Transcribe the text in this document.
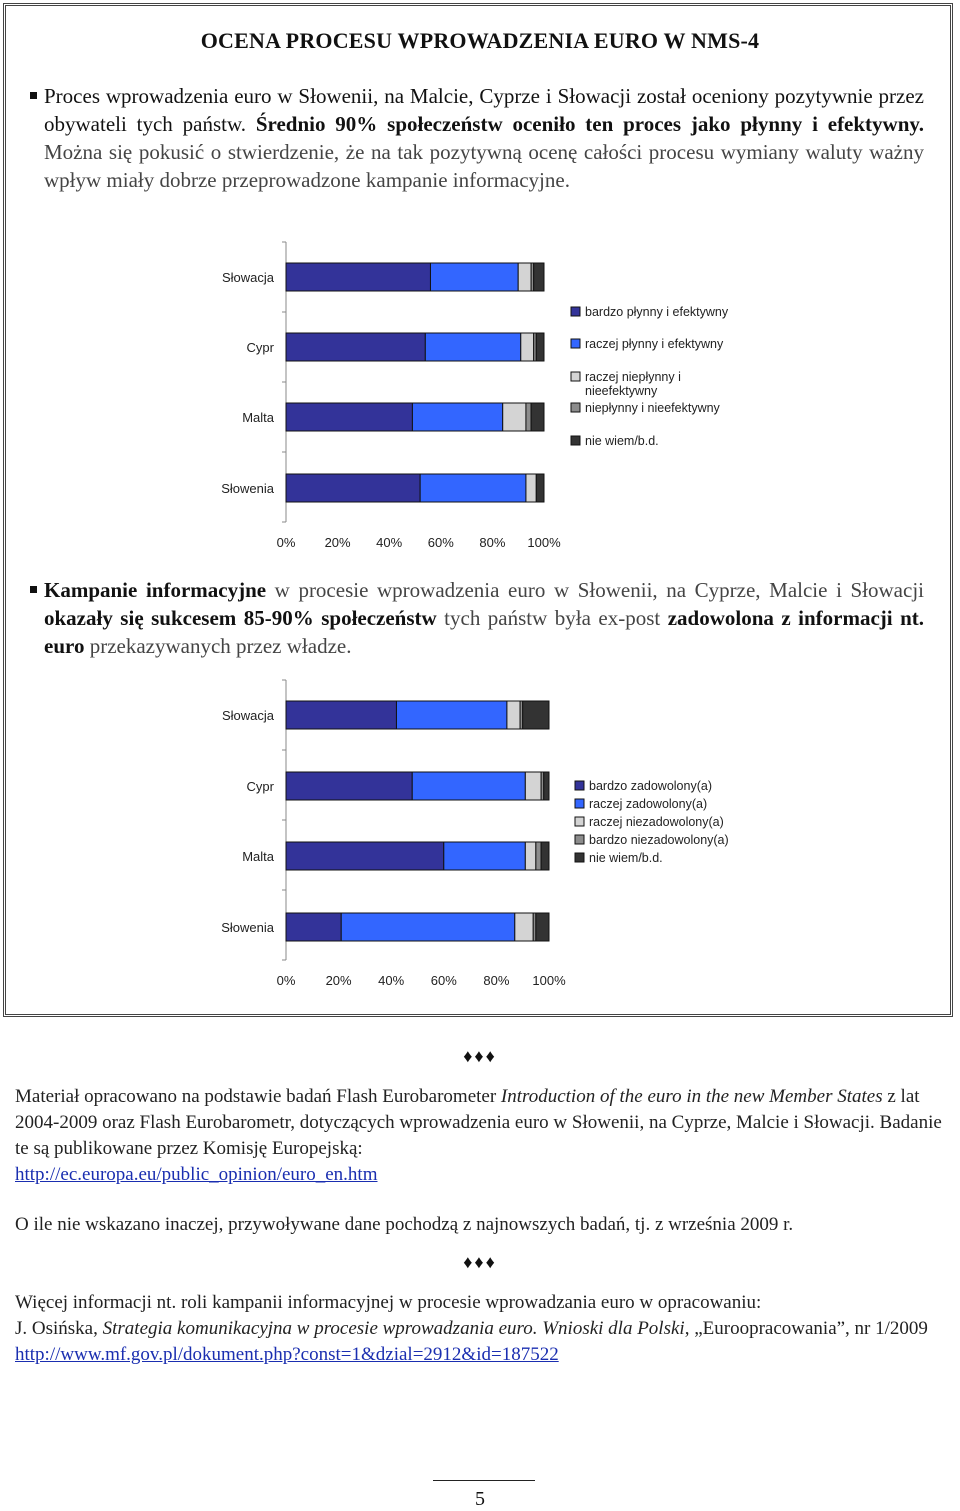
OCENA PROCESU WPROWADZENIA EURO W NMS-4
Proces wprowadzenia euro w Słowenii, na Malcie, Cyprze i Słowacji został oceniony pozytywnie przez obywateli tych państw. Średnio 90% społeczeństw oceniło ten proces jako płynny i efektywny. Można się pokusić o stwierdzenie, że na tak pozytywną ocenę całości procesu wymiany waluty ważny wpływ miały dobrze przeprowadzone kampanie informacyjne.
Słowacja
Cypr
Malta
Słowenia
0% 20% 40% 60% 80% 100%
bardzo płynny i efektywny
raczej płynny i efektywny
raczej niepłynny i nieefektywny
niepłynny i nieefektywny
nie wiem/b.d.
Kampanie informacyjne w procesie wprowadzenia euro w Słowenii, na Cyprze, Malcie i Słowacji okazały się sukcesem 85-90% społeczeństw tych państw była ex-post zadowolona z informacji nt. euro przekazywanych przez władze.
Słowacja
Cypr
Malta
Słowenia
0% 20% 40% 60% 80% 100%
bardzo zadowolony(a)
raczej zadowolony(a)
raczej niezadowolony(a)
bardzo niezadowolony(a)
nie wiem/b.d.
♦♦♦
Materiał opracowano na podstawie badań Flash Eurobarometer Introduction of the euro in the new Member States z lat 2004-2009 oraz Flash Eurobarometr, dotyczących wprowadzenia euro w Słowenii, na Cyprze, Malcie i Słowacji. Badanie te są publikowane przez Komisję Europejską:
http://ec.europa.eu/public_opinion/euro_en.htm
O ile nie wskazano inaczej, przywoływane dane pochodzą z najnowszych badań, tj. z września 2009 r.
♦♦♦
Więcej informacji nt. roli kampanii informacyjnej w procesie wprowadzania euro w opracowaniu:
J. Osińska, Strategia komunikacyjna w procesie wprowadzania euro. Wnioski dla Polski, „Euroopracowania”, nr 1/2009
http://www.mf.gov.pl/dokument.php?const=1&dzial=2912&id=187522
5
